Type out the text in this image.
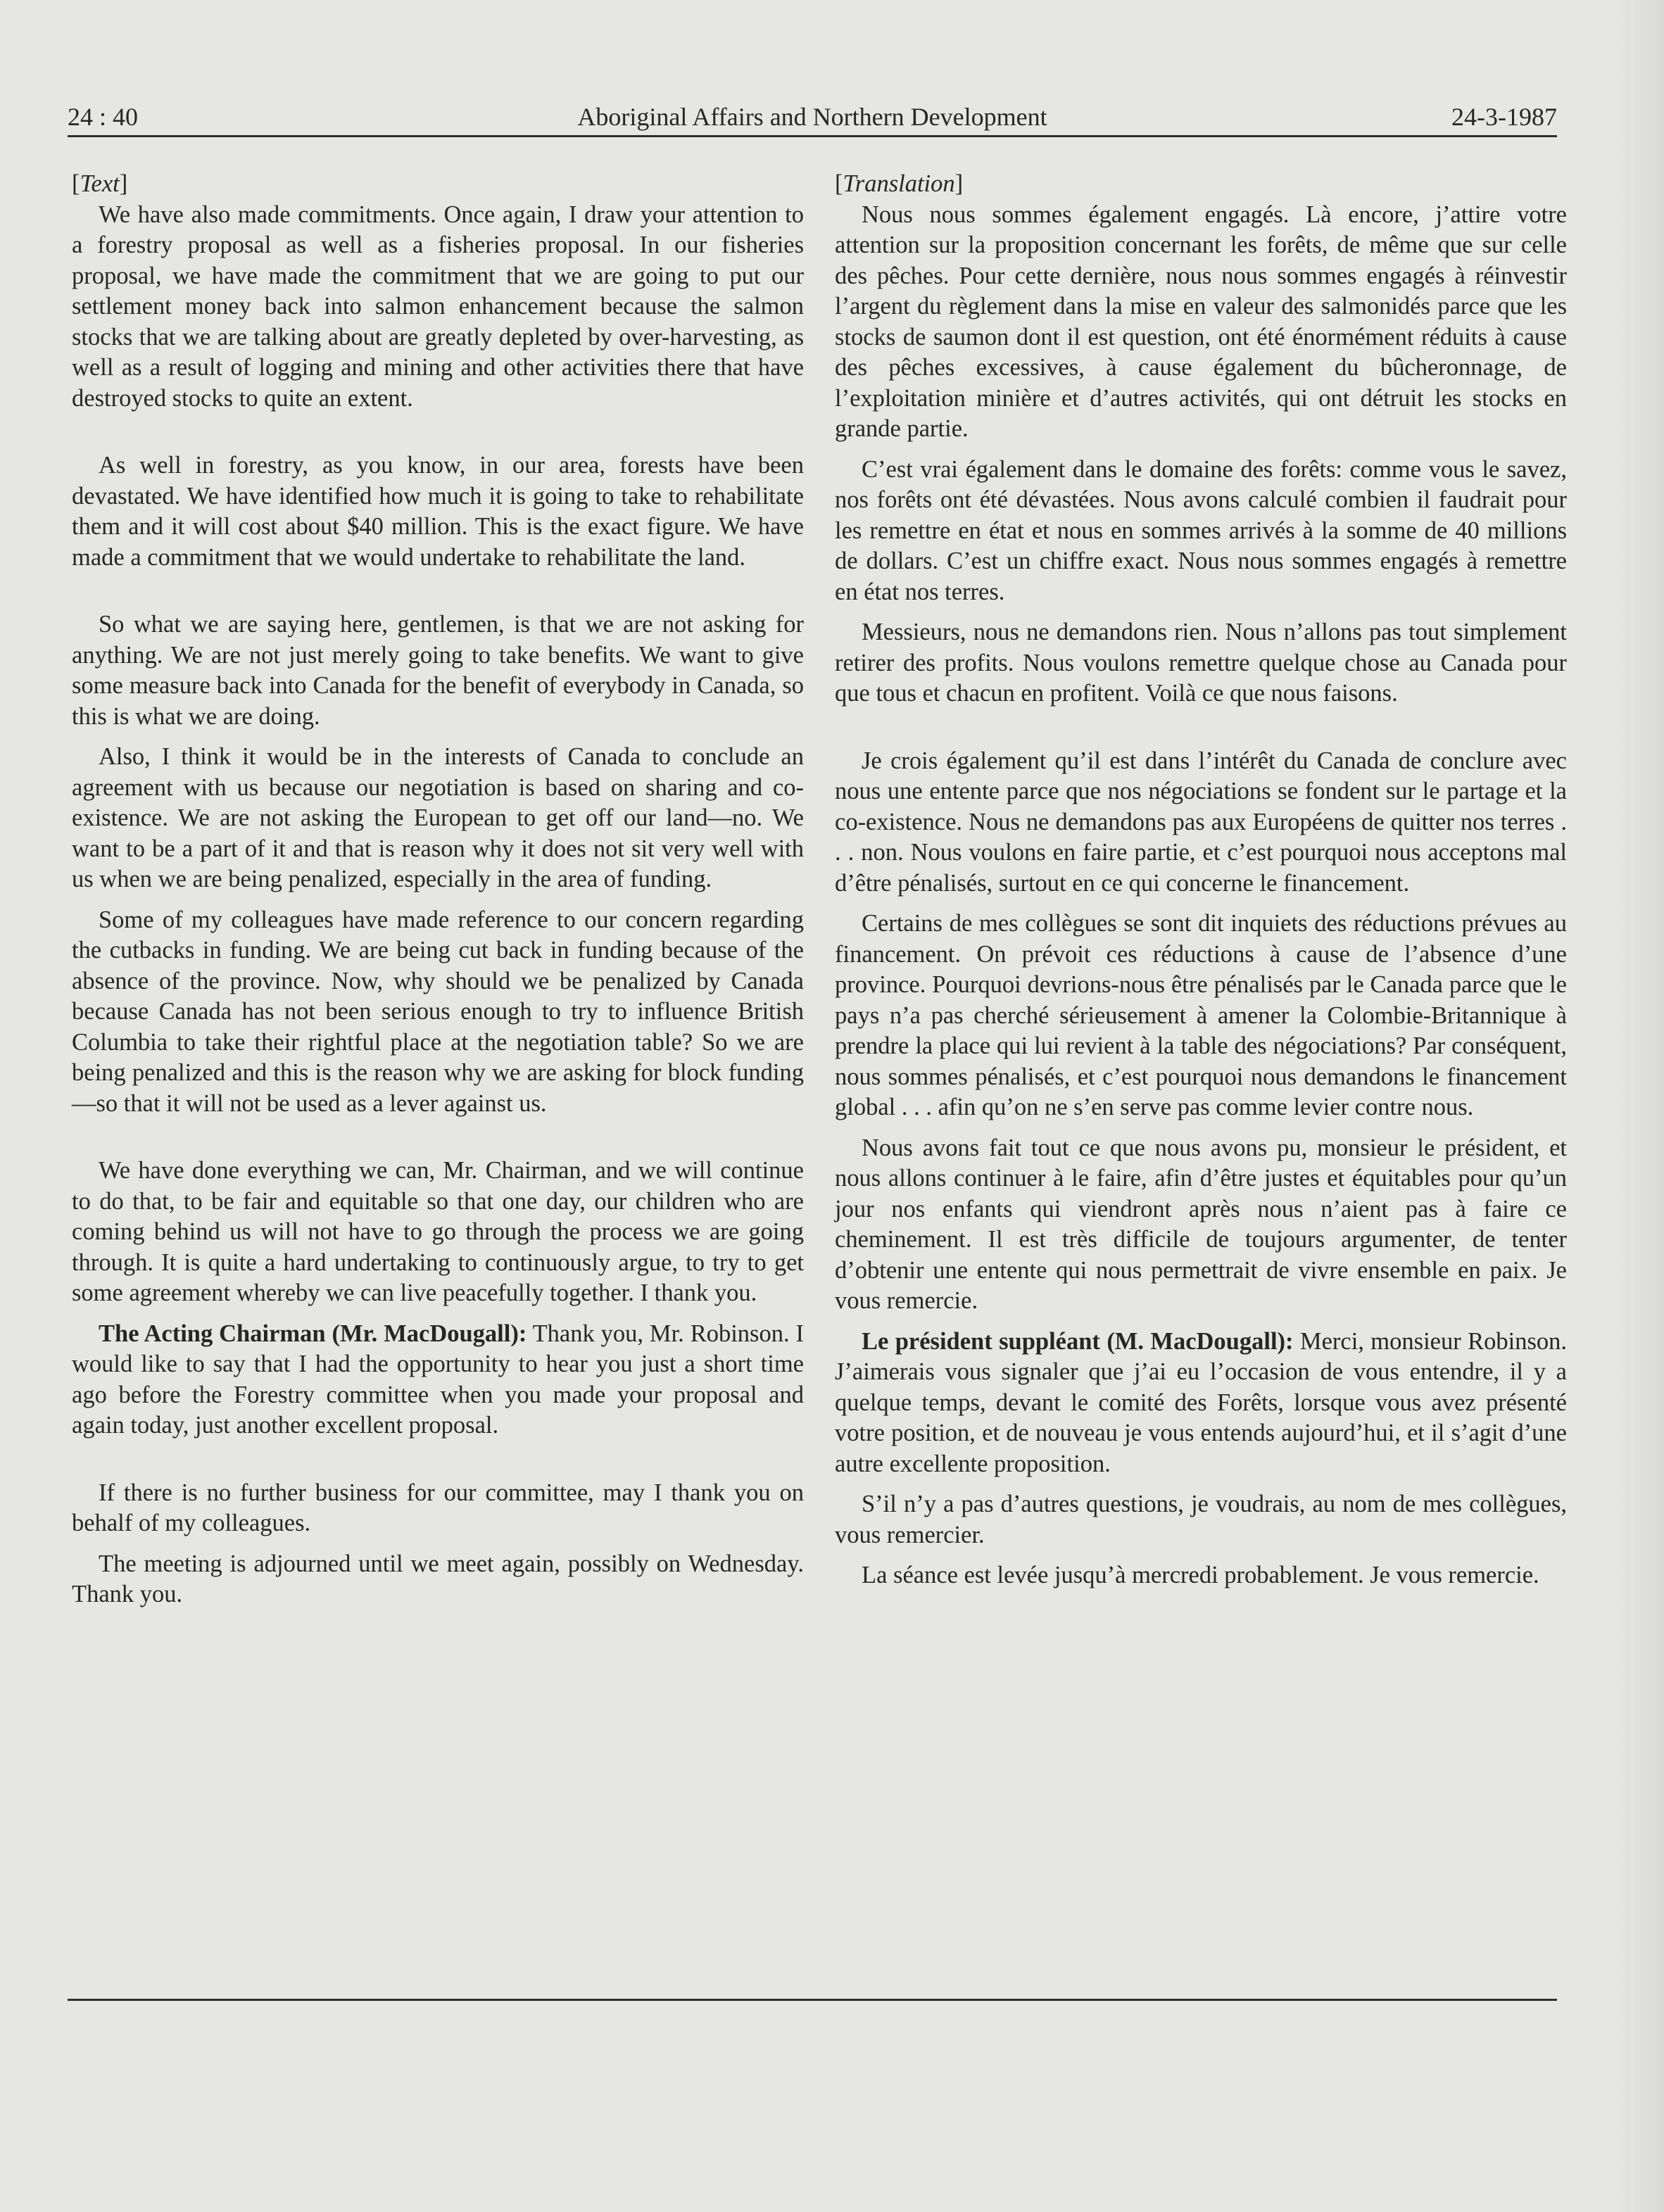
24 : 40	Aboriginal Affairs and Northern Development	24-3-1987
[Text]

We have also made commitments. Once again, I draw your attention to a forestry proposal as well as a fisheries proposal. In our fisheries proposal, we have made the commitment that we are going to put our settlement money back into salmon enhancement because the salmon stocks that we are talking about are greatly depleted by over-harvesting, as well as a result of logging and mining and other activities there that have destroyed stocks to quite an extent.

As well in forestry, as you know, in our area, forests have been devastated. We have identified how much it is going to take to rehabilitate them and it will cost about $40 million. This is the exact figure. We have made a commitment that we would undertake to rehabilitate the land.

So what we are saying here, gentlemen, is that we are not asking for anything. We are not just merely going to take benefits. We want to give some measure back into Canada for the benefit of everybody in Canada, so this is what we are doing.

Also, I think it would be in the interests of Canada to conclude an agreement with us because our negotiation is based on sharing and co-existence. We are not asking the European to get off our land—no. We want to be a part of it and that is reason why it does not sit very well with us when we are being penalized, especially in the area of funding.

Some of my colleagues have made reference to our concern regarding the cutbacks in funding. We are being cut back in funding because of the absence of the province. Now, why should we be penalized by Canada because Canada has not been serious enough to try to influence British Columbia to take their rightful place at the negotiation table? So we are being penalized and this is the reason why we are asking for block funding—so that it will not be used as a lever against us.

We have done everything we can, Mr. Chairman, and we will continue to do that, to be fair and equitable so that one day, our children who are coming behind us will not have to go through the process we are going through. It is quite a hard undertaking to continuously argue, to try to get some agreement whereby we can live peacefully together. I thank you.

The Acting Chairman (Mr. MacDougall): Thank you, Mr. Robinson. I would like to say that I had the opportunity to hear you just a short time ago before the Forestry committee when you made your proposal and again today, just another excellent proposal.

If there is no further business for our committee, may I thank you on behalf of my colleagues.

The meeting is adjourned until we meet again, possibly on Wednesday. Thank you.

[Translation]

Nous nous sommes également engagés. Là encore, j’attire votre attention sur la proposition concernant les forêts, de même que sur celle des pêches. Pour cette dernière, nous nous sommes engagés à réinvestir l’argent du règlement dans la mise en valeur des salmonidés parce que les stocks de saumon dont il est question, ont été énormément réduits à cause des pêches excessives, à cause également du bûcheronnage, de l’exploitation minière et d’autres activités, qui ont détruit les stocks en grande partie.

C’est vrai également dans le domaine des forêts: comme vous le savez, nos forêts ont été dévastées. Nous avons calculé combien il faudrait pour les remettre en état et nous en sommes arrivés à la somme de 40 millions de dollars. C’est un chiffre exact. Nous nous sommes engagés à remettre en état nos terres.

Messieurs, nous ne demandons rien. Nous n’allons pas tout simplement retirer des profits. Nous voulons remettre quelque chose au Canada pour que tous et chacun en profitent. Voilà ce que nous faisons.

Je crois également qu’il est dans l’intérêt du Canada de conclure avec nous une entente parce que nos négociations se fondent sur le partage et la co-existence. Nous ne demandons pas aux Européens de quitter nos terres . . . non. Nous voulons en faire partie, et c’est pourquoi nous acceptons mal d’être pénalisés, surtout en ce qui concerne le financement.

Certains de mes collègues se sont dit inquiets des réductions prévues au financement. On prévoit ces réductions à cause de l’absence d’une province. Pourquoi devrions-nous être pénalisés par le Canada parce que le pays n’a pas cherché sérieusement à amener la Colombie-Britannique à prendre la place qui lui revient à la table des négociations? Par conséquent, nous sommes pénalisés, et c’est pourquoi nous demandons le financement global . . . afin qu’on ne s’en serve pas comme levier contre nous.

Nous avons fait tout ce que nous avons pu, monsieur le président, et nous allons continuer à le faire, afin d’être justes et équitables pour qu’un jour nos enfants qui viendront après nous n’aient pas à faire ce cheminement. Il est très difficile de toujours argumenter, de tenter d’obtenir une entente qui nous permettrait de vivre ensemble en paix. Je vous remercie.

Le président suppléant (M. MacDougall): Merci, monsieur Robinson. J’aimerais vous signaler que j’ai eu l’occasion de vous entendre, il y a quelque temps, devant le comité des Forêts, lorsque vous avez présenté votre position, et de nouveau je vous entends aujourd’hui, et il s’agit d’une autre excellente proposition.

S’il n’y a pas d’autres questions, je voudrais, au nom de mes collègues, vous remercier.

La séance est levée jusqu’à mercredi probablement. Je vous remercie.
